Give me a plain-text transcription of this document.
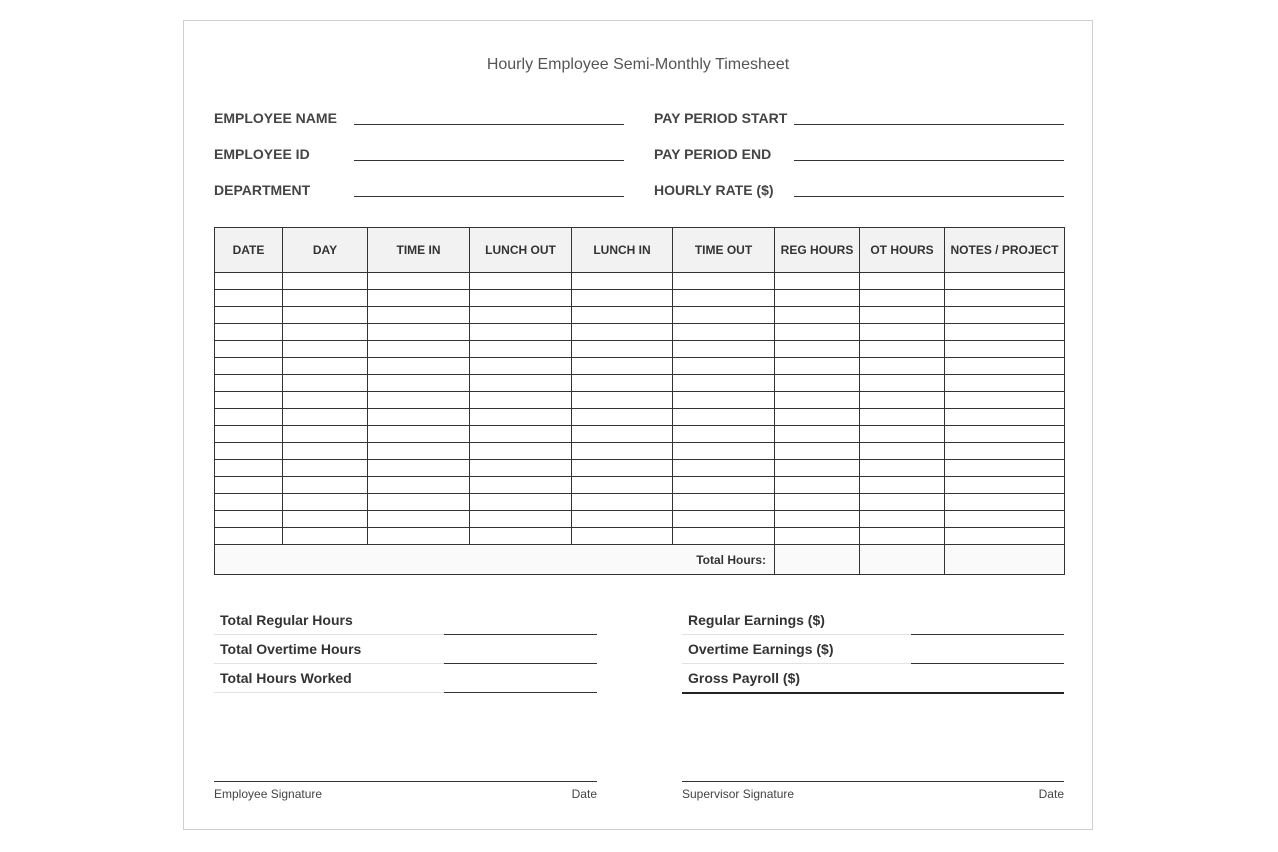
Hourly Employee Semi-Monthly Timesheet
EMPLOYEE NAME	PAY PERIOD START
EMPLOYEE ID	PAY PERIOD END
DEPARTMENT	HOURLY RATE ($)
DATE	DAY	TIME IN	LUNCH OUT	LUNCH IN	TIME OUT	REG HOURS	OT HOURS	NOTES / PROJECT

Total Hours:								
Total Regular Hours
Total Overtime Hours
Total Hours Worked
Regular Earnings ($)
Overtime Earnings ($)
Gross Payroll ($)
Employee Signature	Date	Supervisor Signature	Date
